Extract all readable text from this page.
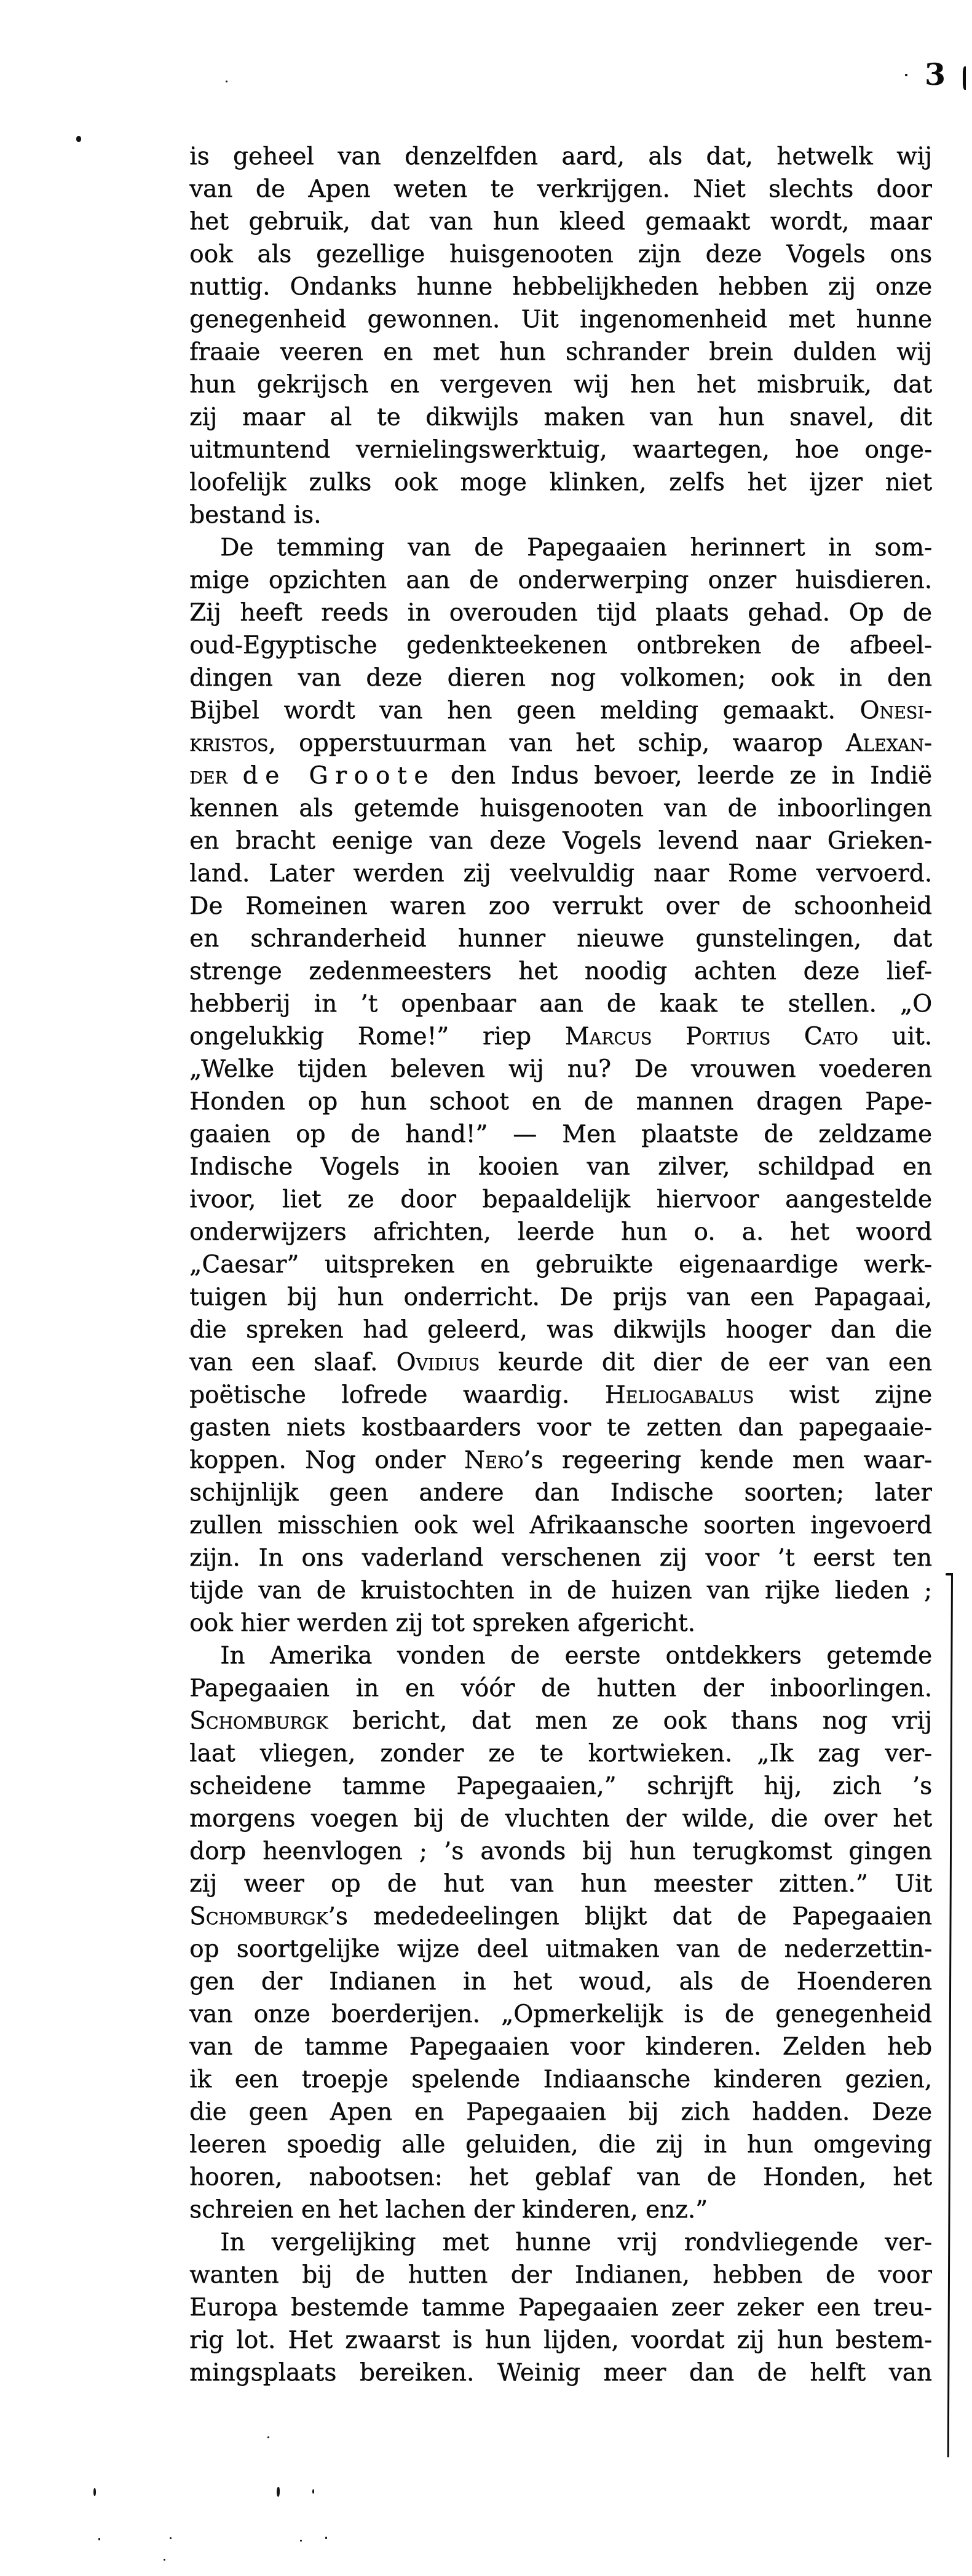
3
is geheel van denzelfden aard, als dat, hetwelk wij
van de Apen weten te verkrijgen. Niet slechts door
het gebruik, dat van hun kleed gemaakt wordt, maar
ook als gezellige huisgenooten zijn deze Vogels ons
nuttig. Ondanks hunne hebbelijkheden hebben zij onze
genegenheid gewonnen. Uit ingenomenheid met hunne
fraaie veeren en met hun schrander brein dulden wij
hun gekrijsch en vergeven wij hen het misbruik, dat
zij maar al te dikwijls maken van hun snavel, dit
uitmuntend vernielingswerktuig, waartegen, hoe onge-
loofelijk zulks ook moge klinken, zelfs het ijzer niet
bestand is.
De temming van de Papegaaien herinnert in som-
mige opzichten aan de onderwerping onzer huisdieren.
Zij heeft reeds in overouden tijd plaats gehad. Op de
oud-Egyptische gedenkteekenen ontbreken de afbeel-
dingen van deze dieren nog volkomen; ook in den
Bijbel wordt van hen geen melding gemaakt. Onesi-
kristos, opperstuurman van het schip, waarop Alexan-
der de Groote den Indus bevoer, leerde ze in Indië
kennen als getemde huisgenooten van de inboorlingen
en bracht eenige van deze Vogels levend naar Grieken-
land. Later werden zij veelvuldig naar Rome vervoerd.
De Romeinen waren zoo verrukt over de schoonheid
en schranderheid hunner nieuwe gunstelingen, dat
strenge zedenmeesters het noodig achten deze lief-
hebberij in ’t openbaar aan de kaak te stellen. „O
ongelukkig Rome!” riep Marcus Portius Cato uit.
„Welke tijden beleven wij nu? De vrouwen voederen
Honden op hun schoot en de mannen dragen Pape-
gaaien op de hand!” — Men plaatste de zeldzame
Indische Vogels in kooien van zilver, schildpad en
ivoor, liet ze door bepaaldelijk hiervoor aangestelde
onderwijzers africhten, leerde hun o. a. het woord
„Caesar” uitspreken en gebruikte eigenaardige werk-
tuigen bij hun onderricht. De prijs van een Papagaai,
die spreken had geleerd, was dikwijls hooger dan die
van een slaaf. Ovidius keurde dit dier de eer van een
poëtische lofrede waardig. Heliogabalus wist zijne
gasten niets kostbaarders voor te zetten dan papegaaie-
koppen. Nog onder Nero’s regeering kende men waar-
schijnlijk geen andere dan Indische soorten; later
zullen misschien ook wel Afrikaansche soorten ingevoerd
zijn. In ons vaderland verschenen zij voor ’t eerst ten
tijde van de kruistochten in de huizen van rijke lieden ;
ook hier werden zij tot spreken afgericht.
In Amerika vonden de eerste ontdekkers getemde
Papegaaien in en vóór de hutten der inboorlingen.
Schomburgk bericht, dat men ze ook thans nog vrij
laat vliegen, zonder ze te kortwieken. „Ik zag ver-
scheidene tamme Papegaaien,” schrijft hij, zich ’s
morgens voegen bij de vluchten der wilde, die over het
dorp heenvlogen ; ’s avonds bij hun terugkomst gingen
zij weer op de hut van hun meester zitten.” Uit
Schomburgk’s mededeelingen blijkt dat de Papegaaien
op soortgelijke wijze deel uitmaken van de nederzettin-
gen der Indianen in het woud, als de Hoenderen
van onze boerderijen. „Opmerkelijk is de genegenheid
van de tamme Papegaaien voor kinderen. Zelden heb
ik een troepje spelende Indiaansche kinderen gezien,
die geen Apen en Papegaaien bij zich hadden. Deze
leeren spoedig alle geluiden, die zij in hun omgeving
hooren, nabootsen: het geblaf van de Honden, het
schreien en het lachen der kinderen, enz.”
In vergelijking met hunne vrij rondvliegende ver-
wanten bij de hutten der Indianen, hebben de voor
Europa bestemde tamme Papegaaien zeer zeker een treu-
rig lot. Het zwaarst is hun lijden, voordat zij hun bestem-
mingsplaats bereiken. Weinig meer dan de helft van
